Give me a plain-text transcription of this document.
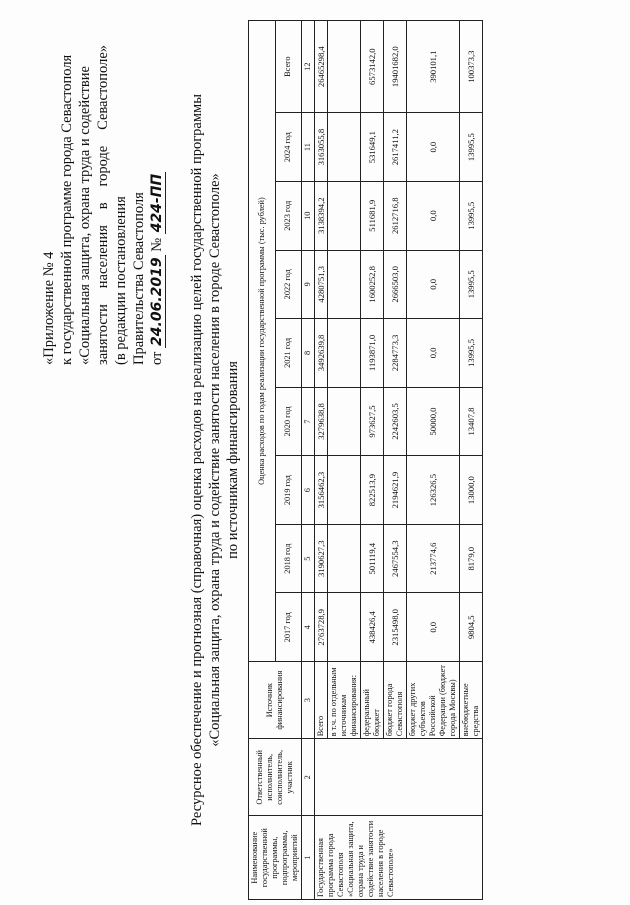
«Приложение № 4 к государственной программе города Севастополя «Социальная защита, охрана труда и содействие занятости населения в городе Севастополе»
(в редакции постановления Правительства Севастополя от 24.06.2019 № 424-ПП Ресурсное обеспечение и прогнозная (справочная) оценка расходов на реализацию целей государственной программы «Социальная защита, охрана труда и содействие занятости населения в городе Севастополе» по источникам финансирования
Наименование государственной программы, подпрограммы, мероприятий	Ответственный исполнитель, соисполнитель, участник	Источник финансирования	Оценка расходов по годам реализации государственной программы (тыс. рублей)								
			2017 год	2018 год	2019 год	2020 год	2021 год	2022 год	2023 год	2024 год	Всего
1	2	3	4	5	6	7	8	9	10	11	12
Государственная программа города Севастополя «Социальная защита, охрана труда и содействие занятости населения в городе Севастополе»		Всего	2763728,9	3190627,3	3156462,3	3279638,8	3492639,8	4280751,3	3138394,2	3163055,8	26465298,4
		в т.ч. по отдельным источникам финансирования:									
		федеральный бюджет	438426,4	501119,4	822513,9	973627,5	1193871,0	1600252,8	511681,9	531649,1	6573142,0
		бюджет города Севастополя	2315498,0	2467554,3	2194621,9	2242603,5	2284773,3	2666503,0	2612716,8	2617411,2	19401682,0
		бюджет других субъектов Российской Федерации (бюджет города Москвы)	0,0	213774,6	126326,5	50000,0	0,0	0,0	0,0	0,0	390101,1
		внебюджетные средства	9804,5	8179,0	13000,0	13407,8	13995,5	13995,5	13995,5	13995,5	100373,3
